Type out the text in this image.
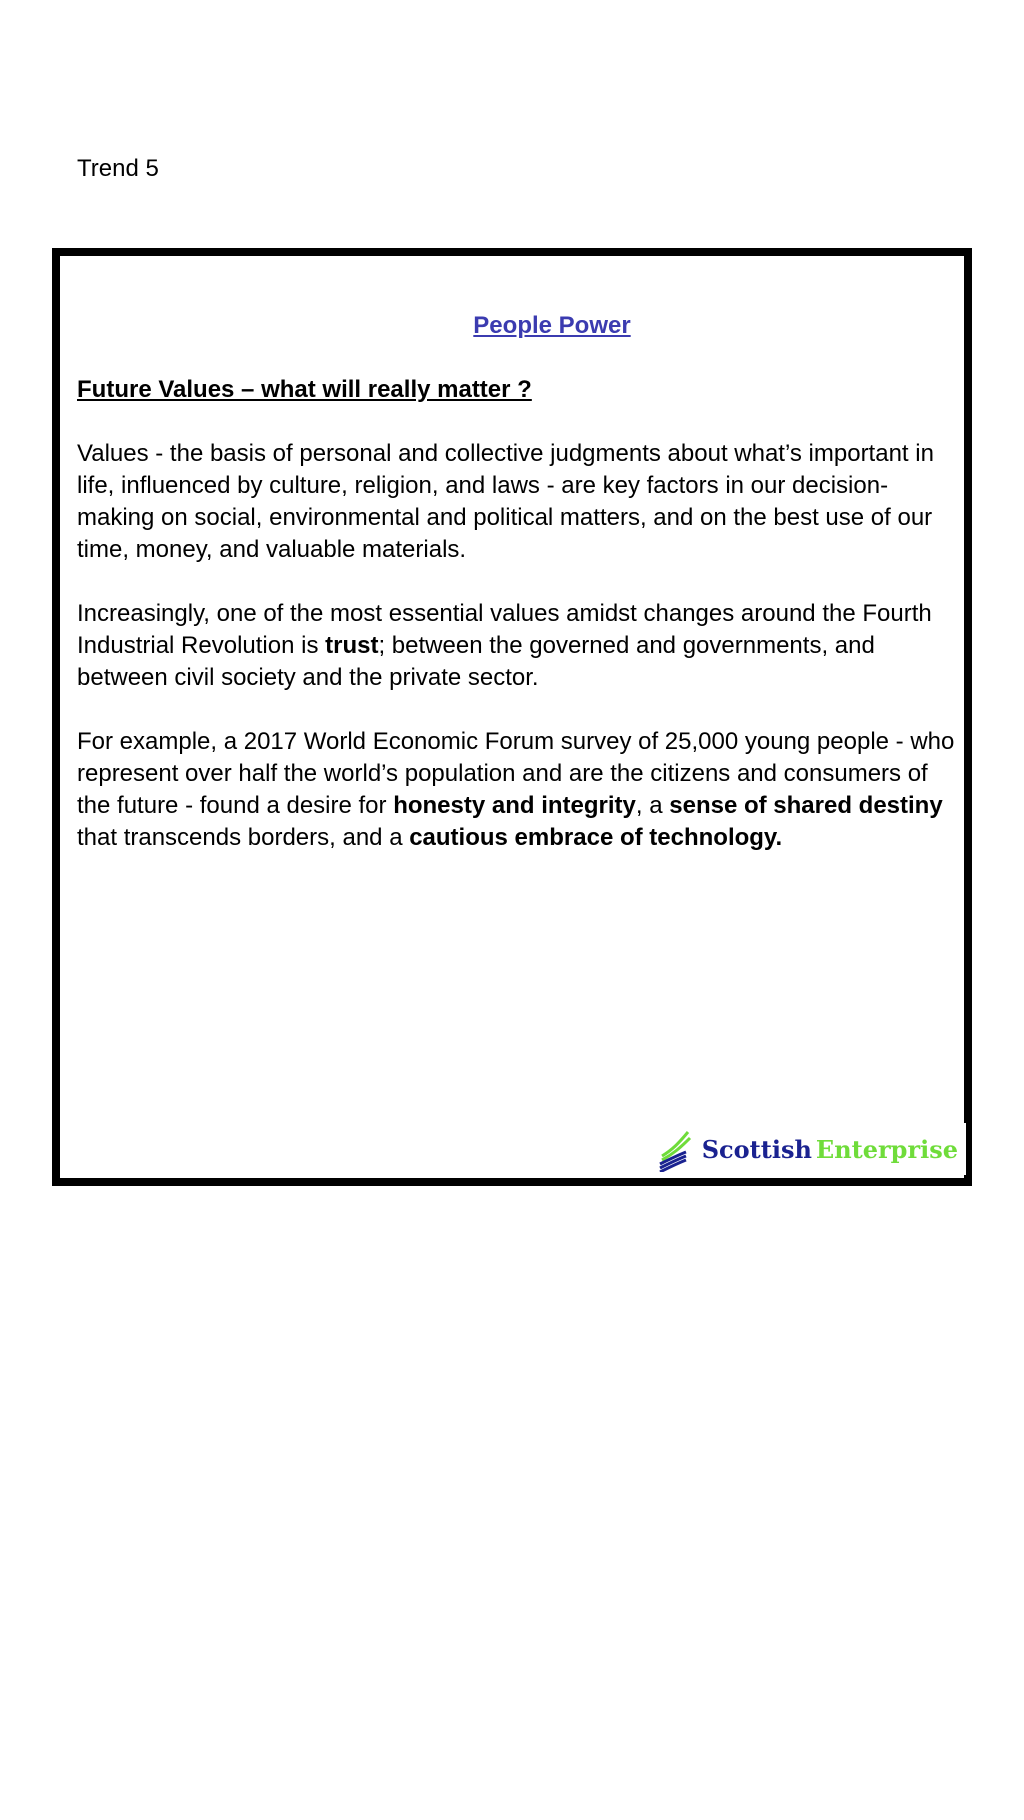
Trend 5

People Power

Future Values – what will really matter ?

Values - the basis of personal and collective judgments about what’s important in life, influenced by culture, religion, and laws - are key factors in our decision-making on social, environmental and political matters, and on the best use of our time, money, and valuable materials.

Increasingly, one of the most essential values amidst changes around the Fourth Industrial Revolution is trust; between the governed and governments, and between civil society and the private sector.

For example, a 2017 World Economic Forum survey of 25,000 young people - who represent over half the world’s population and are the citizens and consumers of the future - found a desire for honesty and integrity, a sense of shared destiny that transcends borders, and a cautious embrace of technology.

Scottish Enterprise
